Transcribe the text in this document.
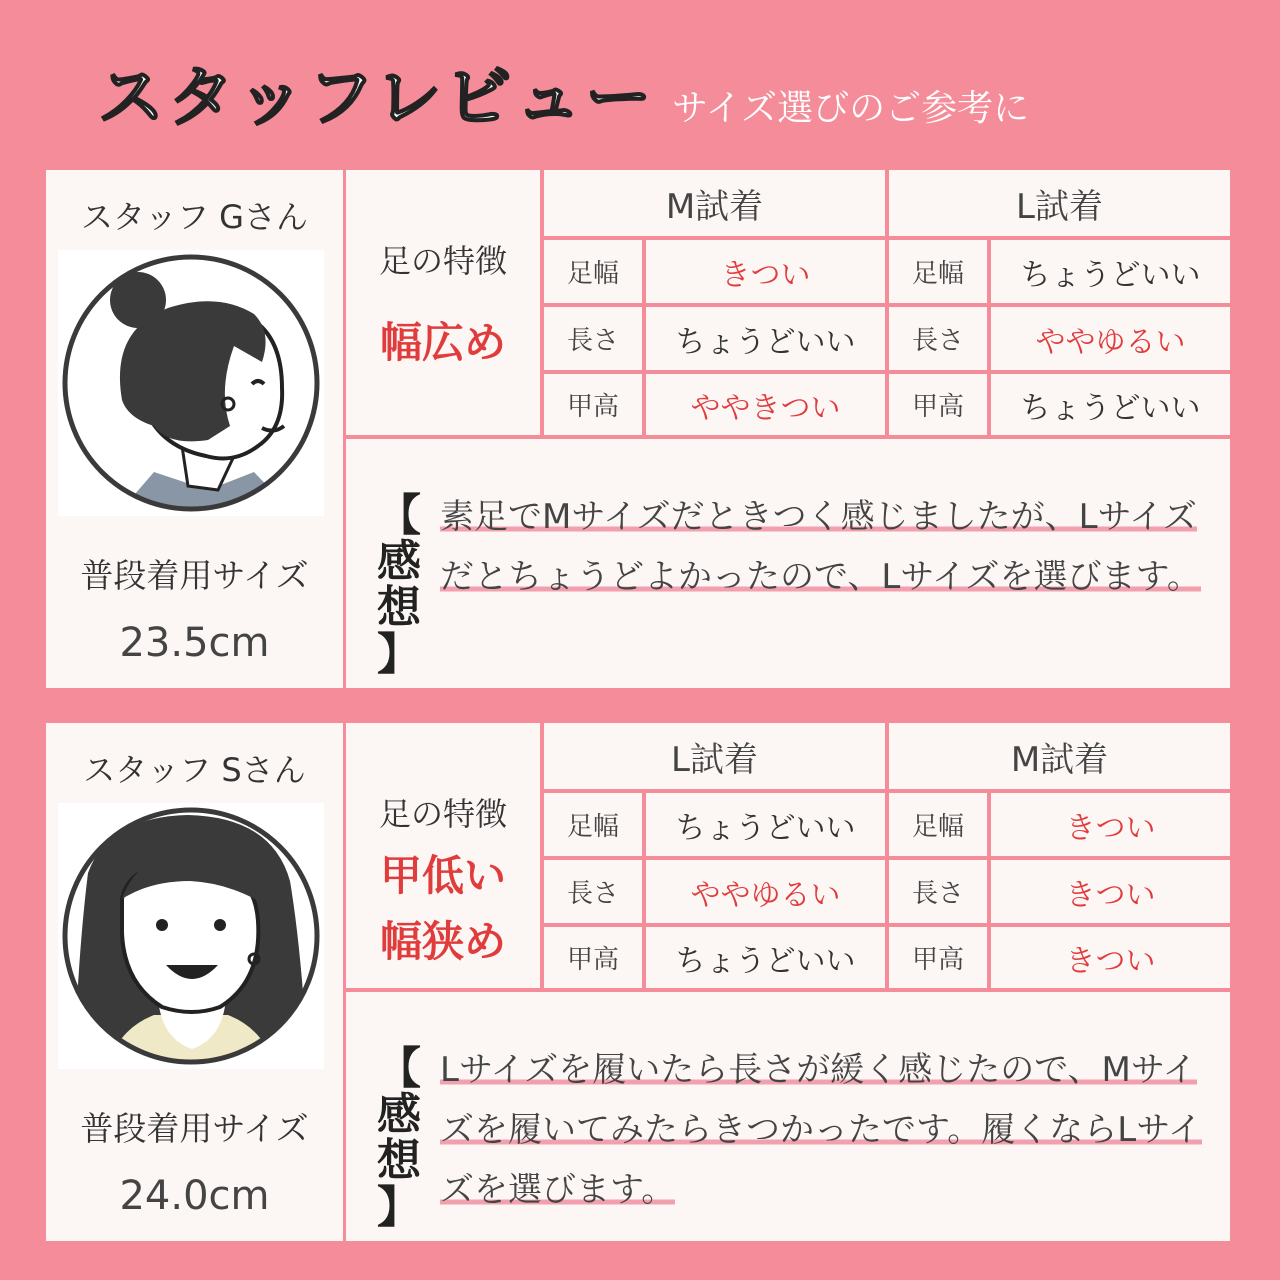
スタッフレビュー サイズ選びのご参考に
スタッフ Gさん
普段着用サイズ
23.5cm
足の特徴
幅広め
M試着
足幅	きつい
長さ	ちょうどいい
甲高	ややきつい
L試着
足幅	ちょうどいい
長さ	ややゆるい
甲高	ちょうどいい
【
感
想
】
素足でMサイズだときつく感じましたが、Lサイズだとちょうどよかったので、Lサイズを選びます。
スタッフ Sさん
普段着用サイズ
24.0cm
足の特徴
甲低い
幅狭め
L試着
足幅	ちょうどいい
長さ	ややゆるい
甲高	ちょうどいい
M試着
足幅	きつい
長さ	きつい
甲高	きつい
【
感
想
】
Lサイズを履いたら長さが緩く感じたので、Mサイズを履いてみたらきつかったです。履くならLサイズを選びます。
